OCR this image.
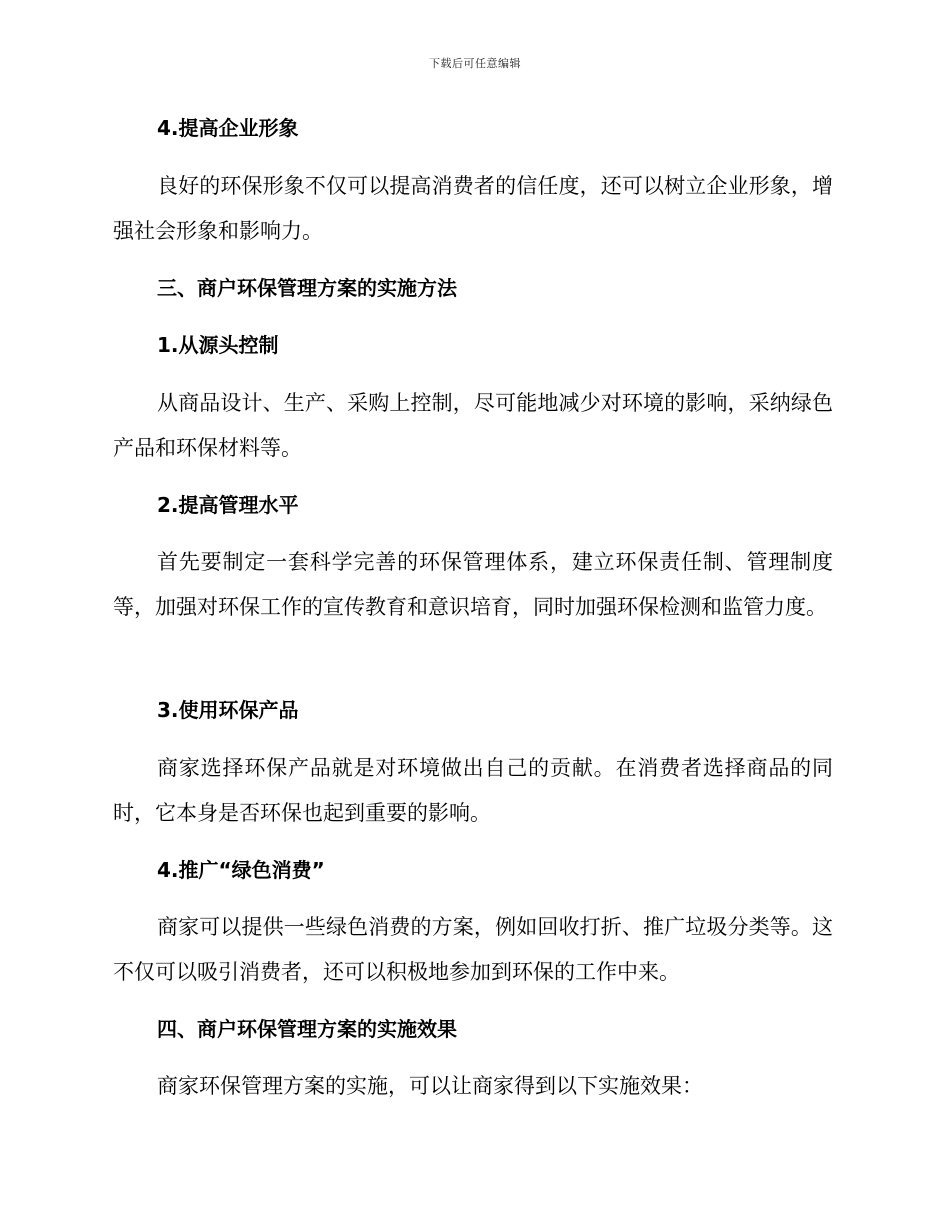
下载后可任意编辑
4.提高企业形象
良好的环保形象不仅可以提高消费者的信任度，还可以树立企业形象，增强社会形象和影响力。
三、商户环保管理方案的实施方法
1.从源头控制
从商品设计、生产、采购上控制，尽可能地减少对环境的影响，采纳绿色产品和环保材料等。
2.提高管理水平
首先要制定一套科学完善的环保管理体系，建立环保责任制、管理制度等，加强对环保工作的宣传教育和意识培育，同时加强环保检测和监管力度。
3.使用环保产品
商家选择环保产品就是对环境做出自己的贡献。在消费者选择商品的同时，它本身是否环保也起到重要的影响。
4.推广“绿色消费”
商家可以提供一些绿色消费的方案，例如回收打折、推广垃圾分类等。这不仅可以吸引消费者，还可以积极地参加到环保的工作中来。
四、商户环保管理方案的实施效果
商家环保管理方案的实施，可以让商家得到以下实施效果：
